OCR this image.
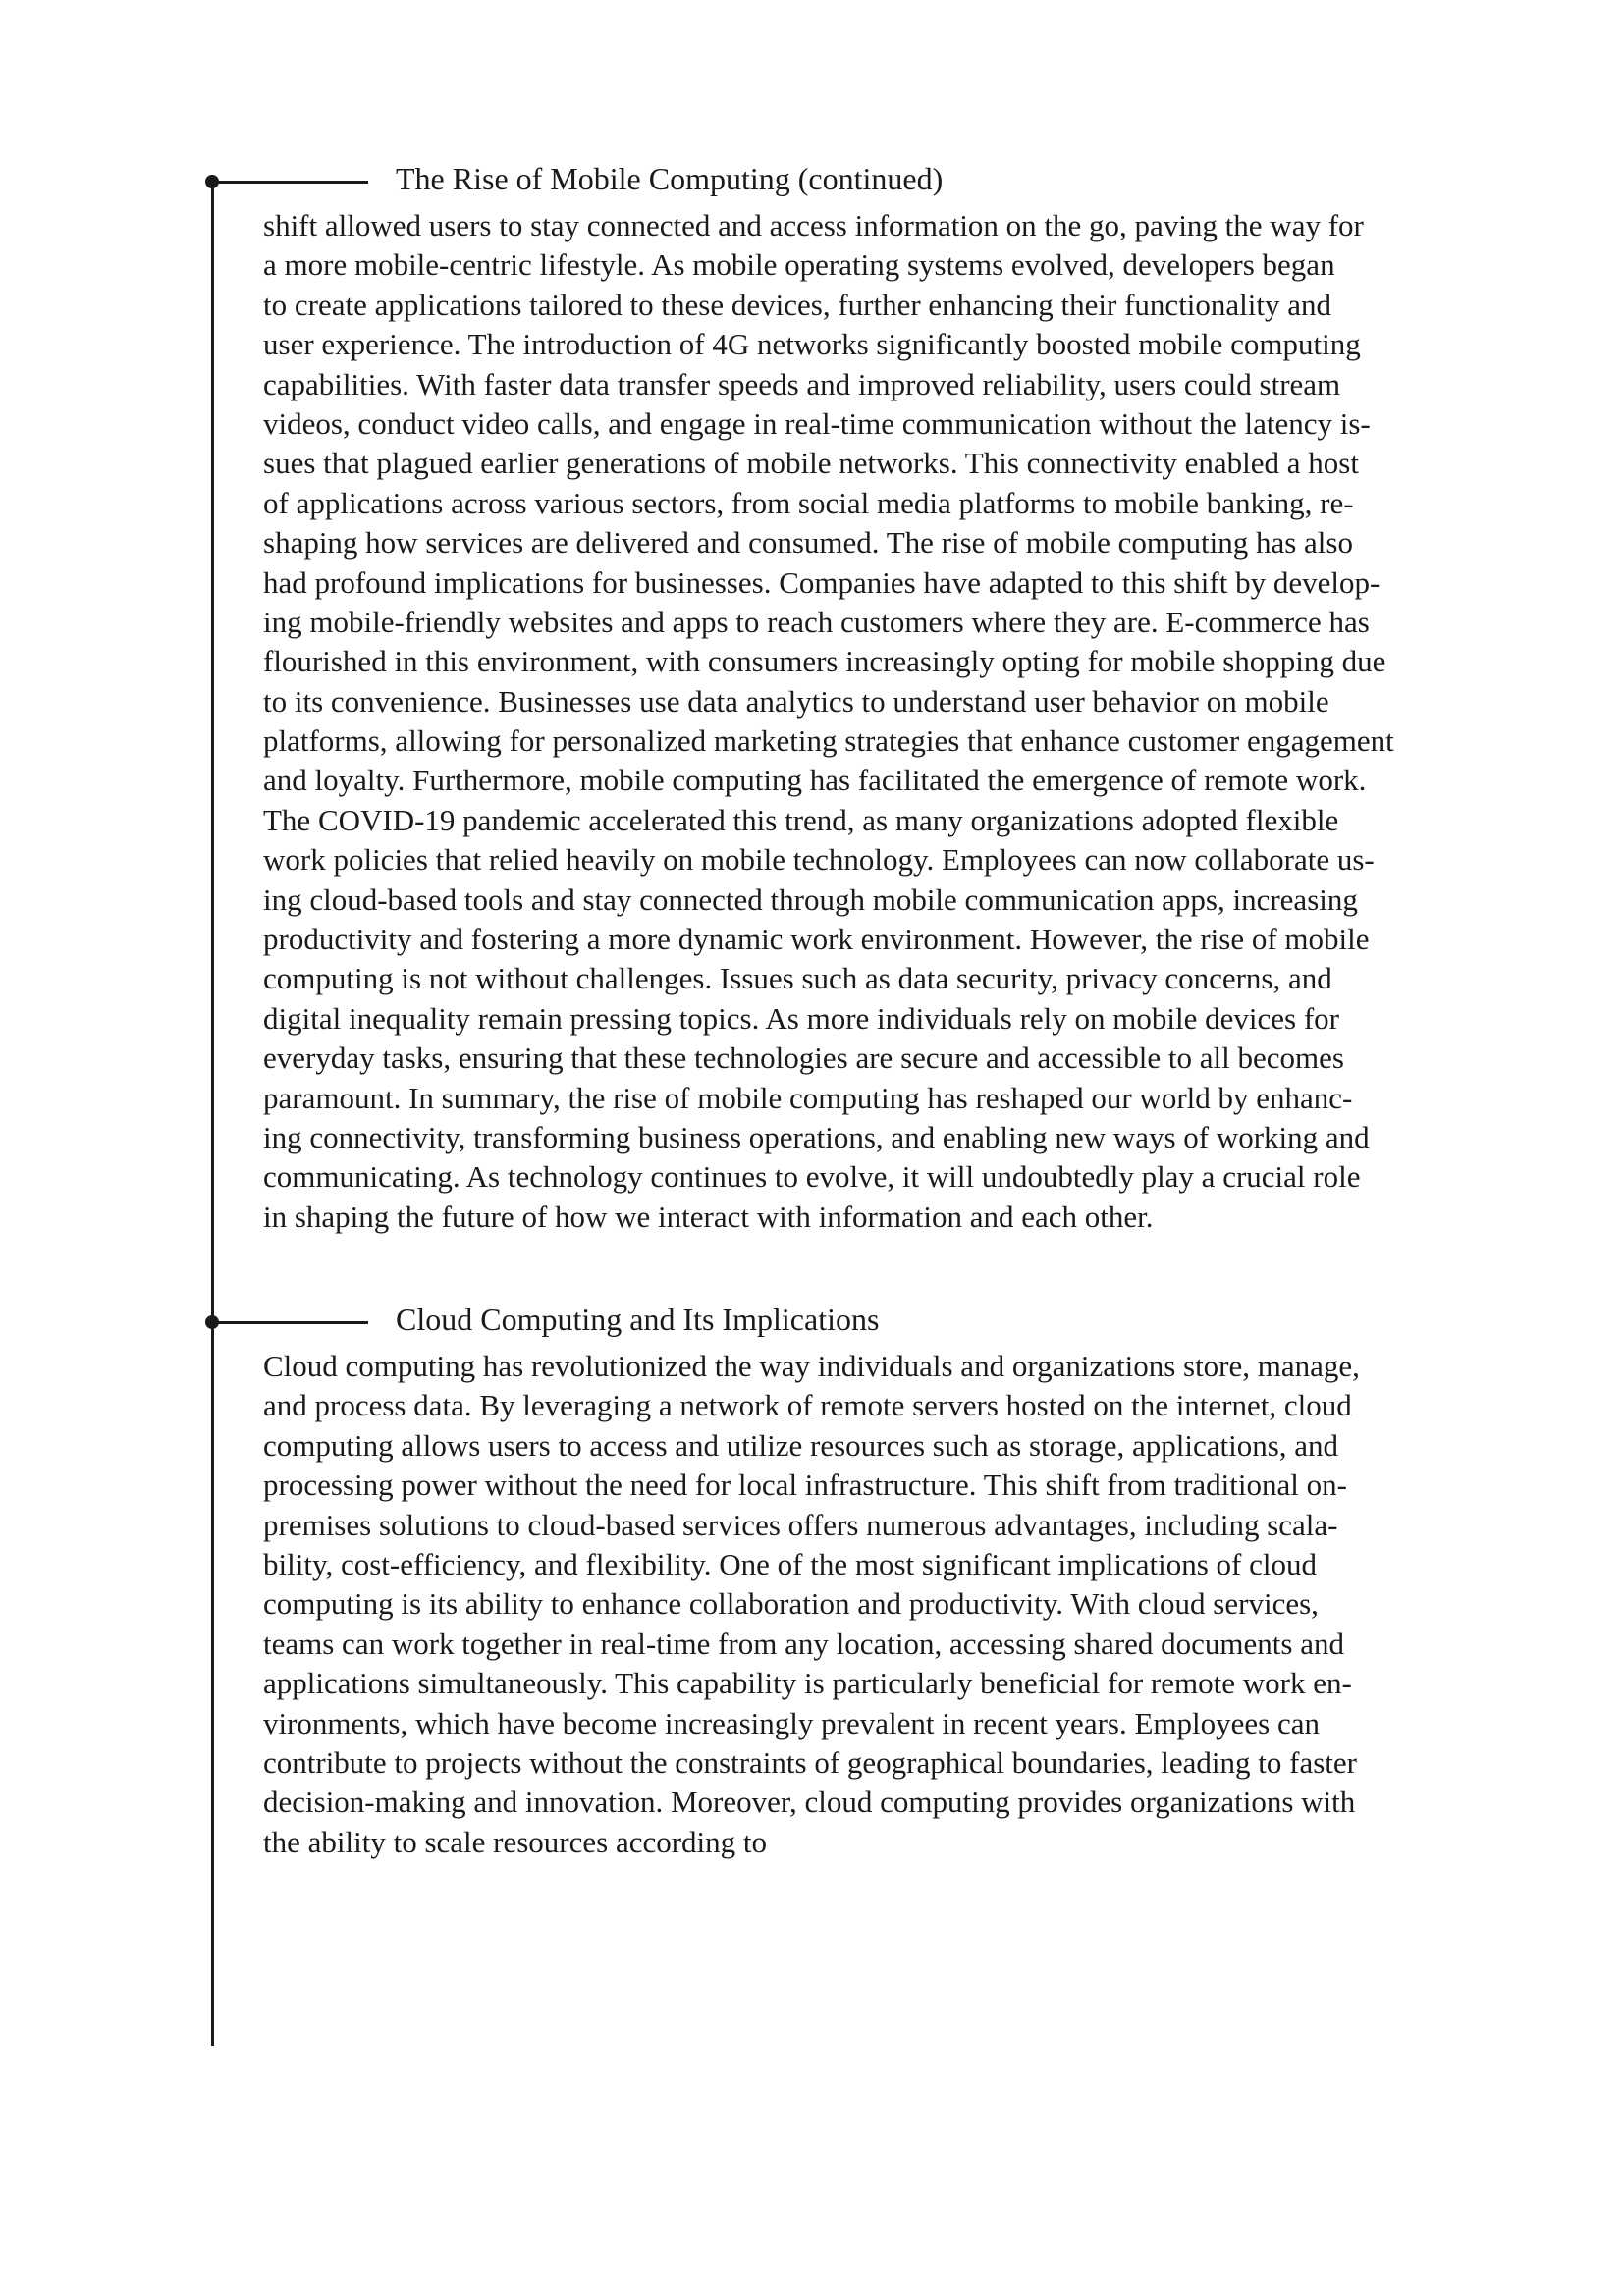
The Rise of Mobile Computing (continued)
shift allowed users to stay connected and access information on the go, paving the way for
a more mobile-centric lifestyle. As mobile operating systems evolved, developers began
to create applications tailored to these devices, further enhancing their functionality and
user experience. The introduction of 4G networks significantly boosted mobile computing
capabilities. With faster data transfer speeds and improved reliability, users could stream
videos, conduct video calls, and engage in real-time communication without the latency is-
sues that plagued earlier generations of mobile networks. This connectivity enabled a host
of applications across various sectors, from social media platforms to mobile banking, re-
shaping how services are delivered and consumed. The rise of mobile computing has also
had profound implications for businesses. Companies have adapted to this shift by develop-
ing mobile-friendly websites and apps to reach customers where they are. E-commerce has
flourished in this environment, with consumers increasingly opting for mobile shopping due
to its convenience. Businesses use data analytics to understand user behavior on mobile
platforms, allowing for personalized marketing strategies that enhance customer engagement
and loyalty. Furthermore, mobile computing has facilitated the emergence of remote work.
The COVID-19 pandemic accelerated this trend, as many organizations adopted flexible
work policies that relied heavily on mobile technology. Employees can now collaborate us-
ing cloud-based tools and stay connected through mobile communication apps, increasing
productivity and fostering a more dynamic work environment. However, the rise of mobile
computing is not without challenges. Issues such as data security, privacy concerns, and
digital inequality remain pressing topics. As more individuals rely on mobile devices for
everyday tasks, ensuring that these technologies are secure and accessible to all becomes
paramount. In summary, the rise of mobile computing has reshaped our world by enhanc-
ing connectivity, transforming business operations, and enabling new ways of working and
communicating. As technology continues to evolve, it will undoubtedly play a crucial role
in shaping the future of how we interact with information and each other.
Cloud Computing and Its Implications
Cloud computing has revolutionized the way individuals and organizations store, manage,
and process data. By leveraging a network of remote servers hosted on the internet, cloud
computing allows users to access and utilize resources such as storage, applications, and
processing power without the need for local infrastructure. This shift from traditional on-
premises solutions to cloud-based services offers numerous advantages, including scala-
bility, cost-efficiency, and flexibility. One of the most significant implications of cloud
computing is its ability to enhance collaboration and productivity. With cloud services,
teams can work together in real-time from any location, accessing shared documents and
applications simultaneously. This capability is particularly beneficial for remote work en-
vironments, which have become increasingly prevalent in recent years. Employees can
contribute to projects without the constraints of geographical boundaries, leading to faster
decision-making and innovation. Moreover, cloud computing provides organizations with
the ability to scale resources according to
